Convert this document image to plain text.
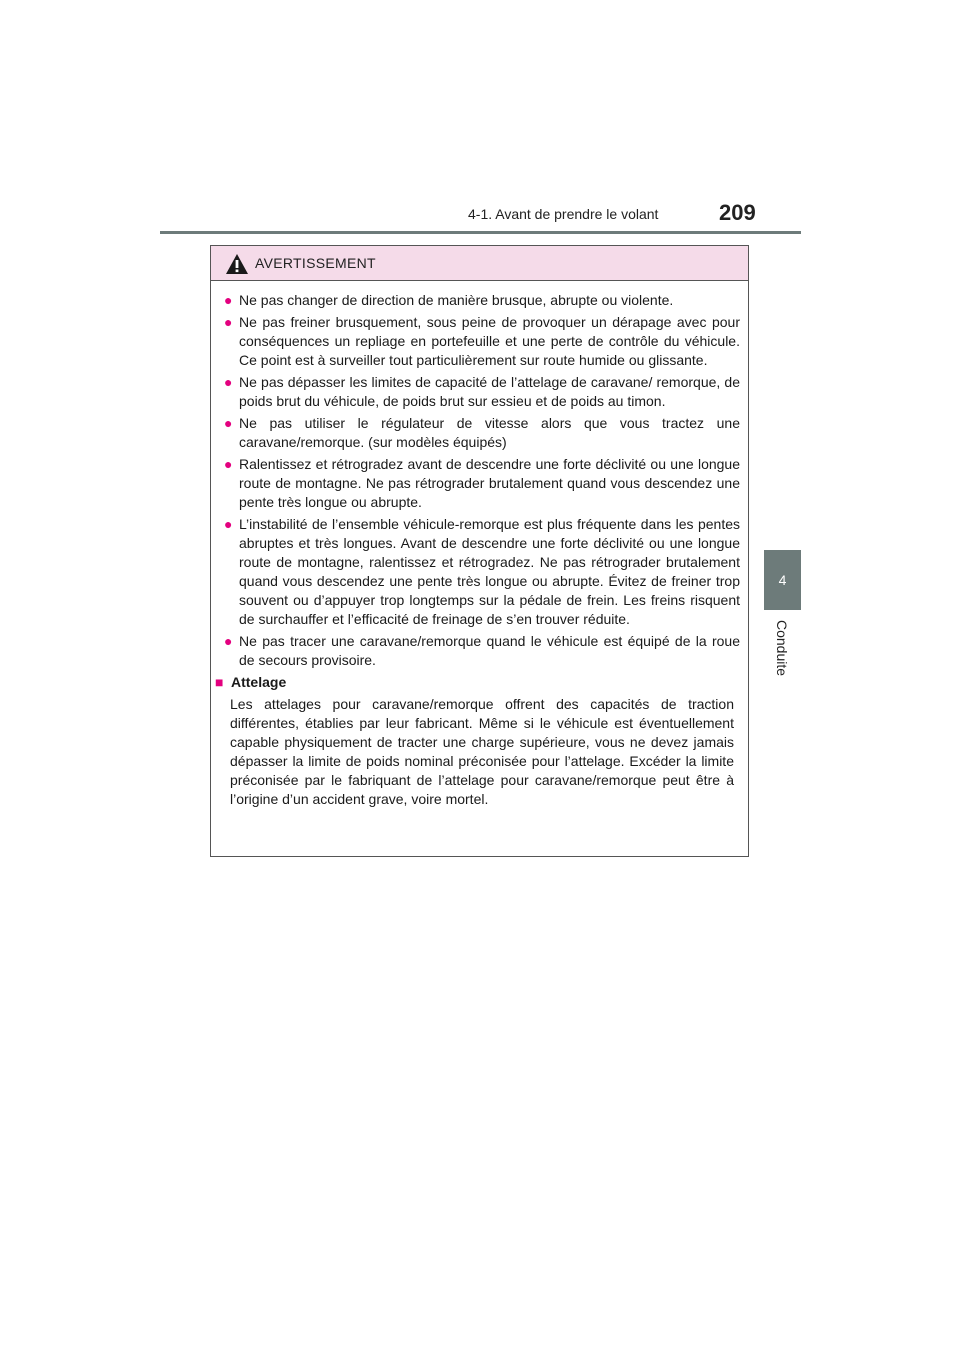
4-1. Avant de prendre le volant	209
4
Conduite
AVERTISSEMENT
● Ne pas changer de direction de manière brusque, abrupte ou violente.
● Ne pas freiner brusquement, sous peine de provoquer un dérapage avec pour conséquences un repliage en portefeuille et une perte de contrôle du véhicule. Ce point est à surveiller tout particulièrement sur route humide ou glissante.
● Ne pas dépasser les limites de capacité de l’attelage de caravane/ remorque, de poids brut du véhicule, de poids brut sur essieu et de poids au timon.
● Ne pas utiliser le régulateur de vitesse alors que vous tractez une caravane/remorque. (sur modèles équipés)
● Ralentissez et rétrogradez avant de descendre une forte déclivité ou une longue route de montagne. Ne pas rétrograder brutalement quand vous descendez une pente très longue ou abrupte.
● L’instabilité de l’ensemble véhicule-remorque est plus fréquente dans les pentes abruptes et très longues. Avant de descendre une forte déclivité ou une longue route de montagne, ralentissez et rétrogradez. Ne pas rétrograder brutalement quand vous descendez une pente très longue ou abrupte. Évitez de freiner trop souvent ou d’appuyer trop longtemps sur la pédale de frein. Les freins risquent de surchauffer et l’efficacité de freinage de s’en trouver réduite.
● Ne pas tracer une caravane/remorque quand le véhicule est équipé de la roue de secours provisoire.
■ Attelage
Les attelages pour caravane/remorque offrent des capacités de traction différentes, établies par leur fabricant. Même si le véhicule est éventuellement capable physiquement de tracter une charge supérieure, vous ne devez jamais dépasser la limite de poids nominal préconisée pour l’attelage. Excéder la limite préconisée par le fabriquant de l’attelage pour caravane/remorque peut être à l’origine d’un accident grave, voire mortel.
